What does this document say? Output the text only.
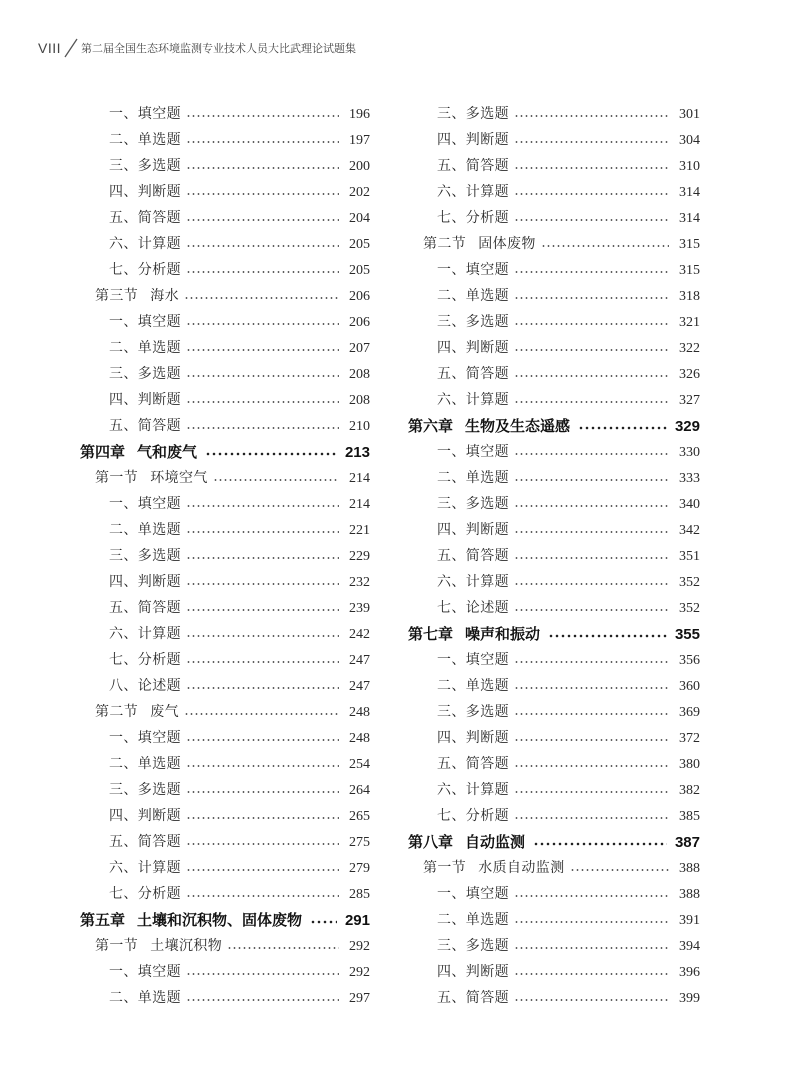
VIII 第二届全国生态环境监测专业技术人员大比武理论试题集
一、填空题	196
二、单选题	197
三、多选题	200
四、判断题	202
五、简答题	204
六、计算题	205
七、分析题	205
第三节 海水	206
一、填空题	206
二、单选题	207
三、多选题	208
四、判断题	208
五、简答题	210
第四章 气和废气	213
第一节 环境空气	214
一、填空题	214
二、单选题	221
三、多选题	229
四、判断题	232
五、简答题	239
六、计算题	242
七、分析题	247
八、论述题	247
第二节 废气	248
一、填空题	248
二、单选题	254
三、多选题	264
四、判断题	265
五、简答题	275
六、计算题	279
七、分析题	285
第五章 土壤和沉积物、固体废物	291
第一节 土壤沉积物	292
一、填空题	292
二、单选题	297
三、多选题	301
四、判断题	304
五、简答题	310
六、计算题	314
七、分析题	314
第二节 固体废物	315
一、填空题	315
二、单选题	318
三、多选题	321
四、判断题	322
五、简答题	326
六、计算题	327
第六章 生物及生态遥感	329
一、填空题	330
二、单选题	333
三、多选题	340
四、判断题	342
五、简答题	351
六、计算题	352
七、论述题	352
第七章 噪声和振动	355
一、填空题	356
二、单选题	360
三、多选题	369
四、判断题	372
五、简答题	380
六、计算题	382
七、分析题	385
第八章 自动监测	387
第一节 水质自动监测	388
一、填空题	388
二、单选题	391
三、多选题	394
四、判断题	396
五、简答题	399
